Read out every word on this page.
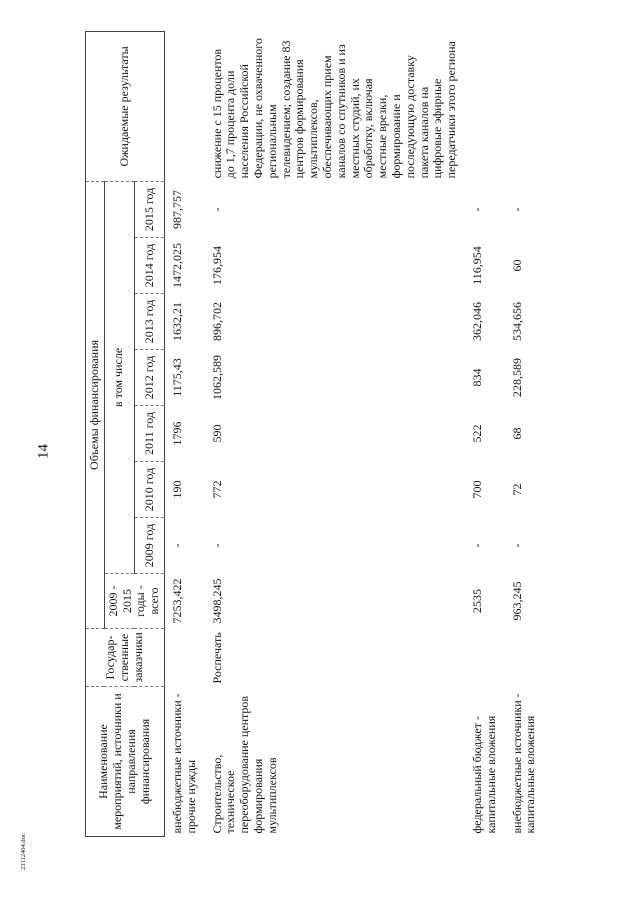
14
23112404.doc
Наименование мероприятий, источники и направления финансирования	Государ-ственные заказчики	Объемы финансирования								Ожидаемые результаты
		2009 - 2015 годы - всего	в том числе							
			2009 год	2010 год	2011 год	2012 год	2013 год	2014 год	2015 год	
внебюджетные источники - прочие нужды		7253,422	-	190	1796	1175,43	1632,21	1472,025	987,757	
Строительство, техническое переоборудование центров формирования мультиплексов	Роспечать	3498,245	-	772	590	1062,589	896,702	176,954	-	снижение с 15 процентов до 1,7 процента доли населения Российской Федерации, не охваченного региональным телевидением; создание 83 центров формирования мультиплексов, обеспечивающих прием каналов со спутников и из местных студий, их обработку, включая местные врезки, формирование и последующую доставку пакета каналов на цифровые эфирные передатчики этого региона
федеральный бюджет - капитальные вложения		2535	-	700	522	834	362,046	116,954	-	
внебюджетные источники - капитальные вложения		963,245	-	72	68	228,589	534,656	60	-	
